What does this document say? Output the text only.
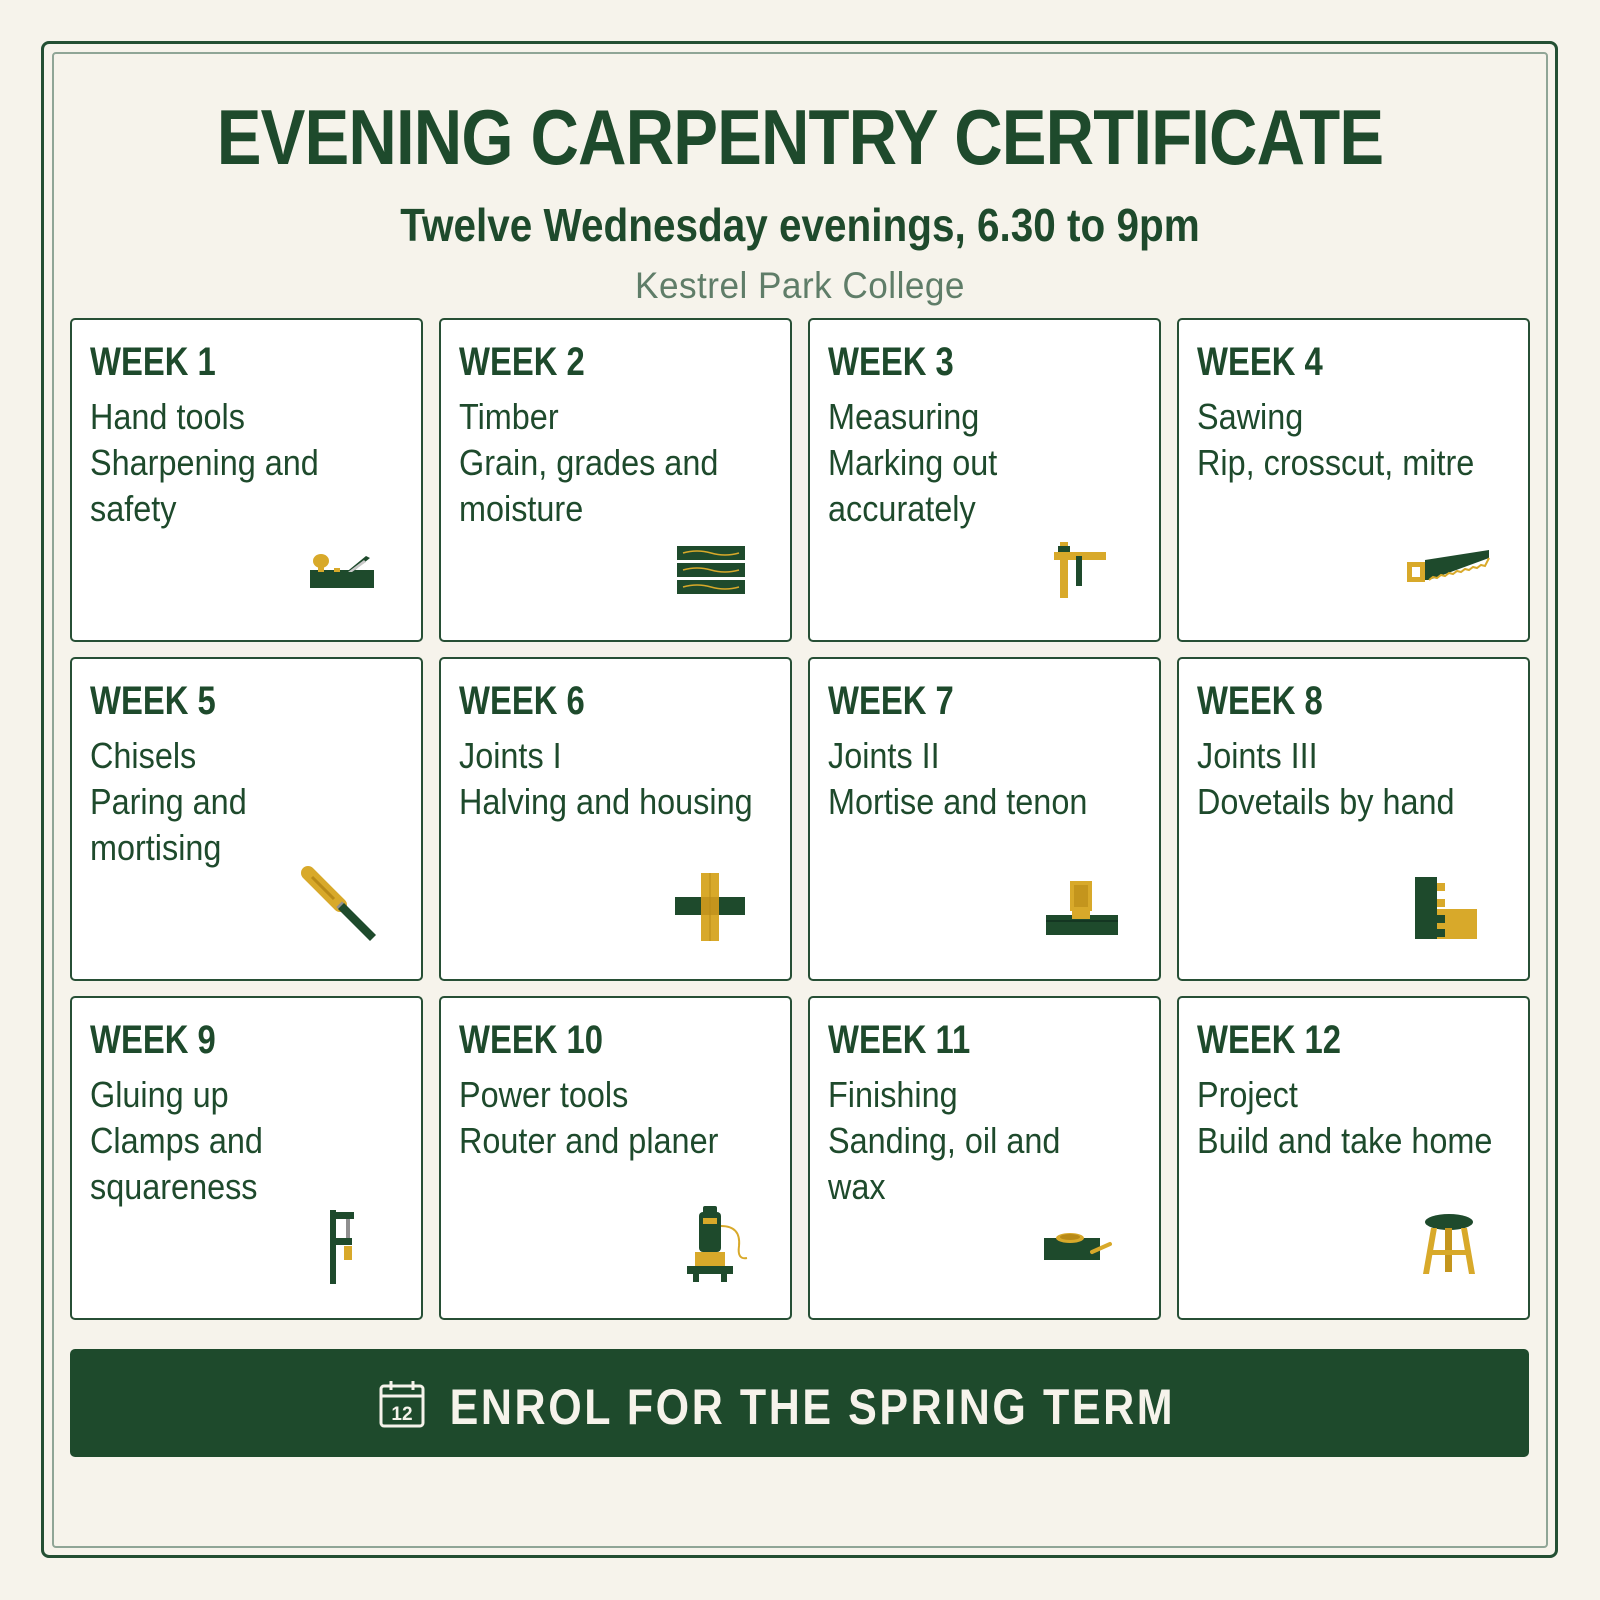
EVENING CARPENTRY CERTIFICATE

Twelve Wednesday evenings, 6.30 to 9pm

Kestrel Park College

WEEK 1
Hand tools
Sharpening and safety
WEEK 2
Timber
Grain, grades and moisture
WEEK 3
Measuring
Marking out accurately
WEEK 4
Sawing
Rip, crosscut, mitre
WEEK 5
Chisels
Paring and mortising
WEEK 6
Joints I
Halving and housing
WEEK 7
Joints II
Mortise and tenon
WEEK 8
Joints III
Dovetails by hand
WEEK 9
Gluing up
Clamps and squareness
WEEK 10
Power tools
Router and planer
WEEK 11
Finishing
Sanding, oil and wax
WEEK 12
Project
Build and take home
12 ENROL FOR THE SPRING TERM
